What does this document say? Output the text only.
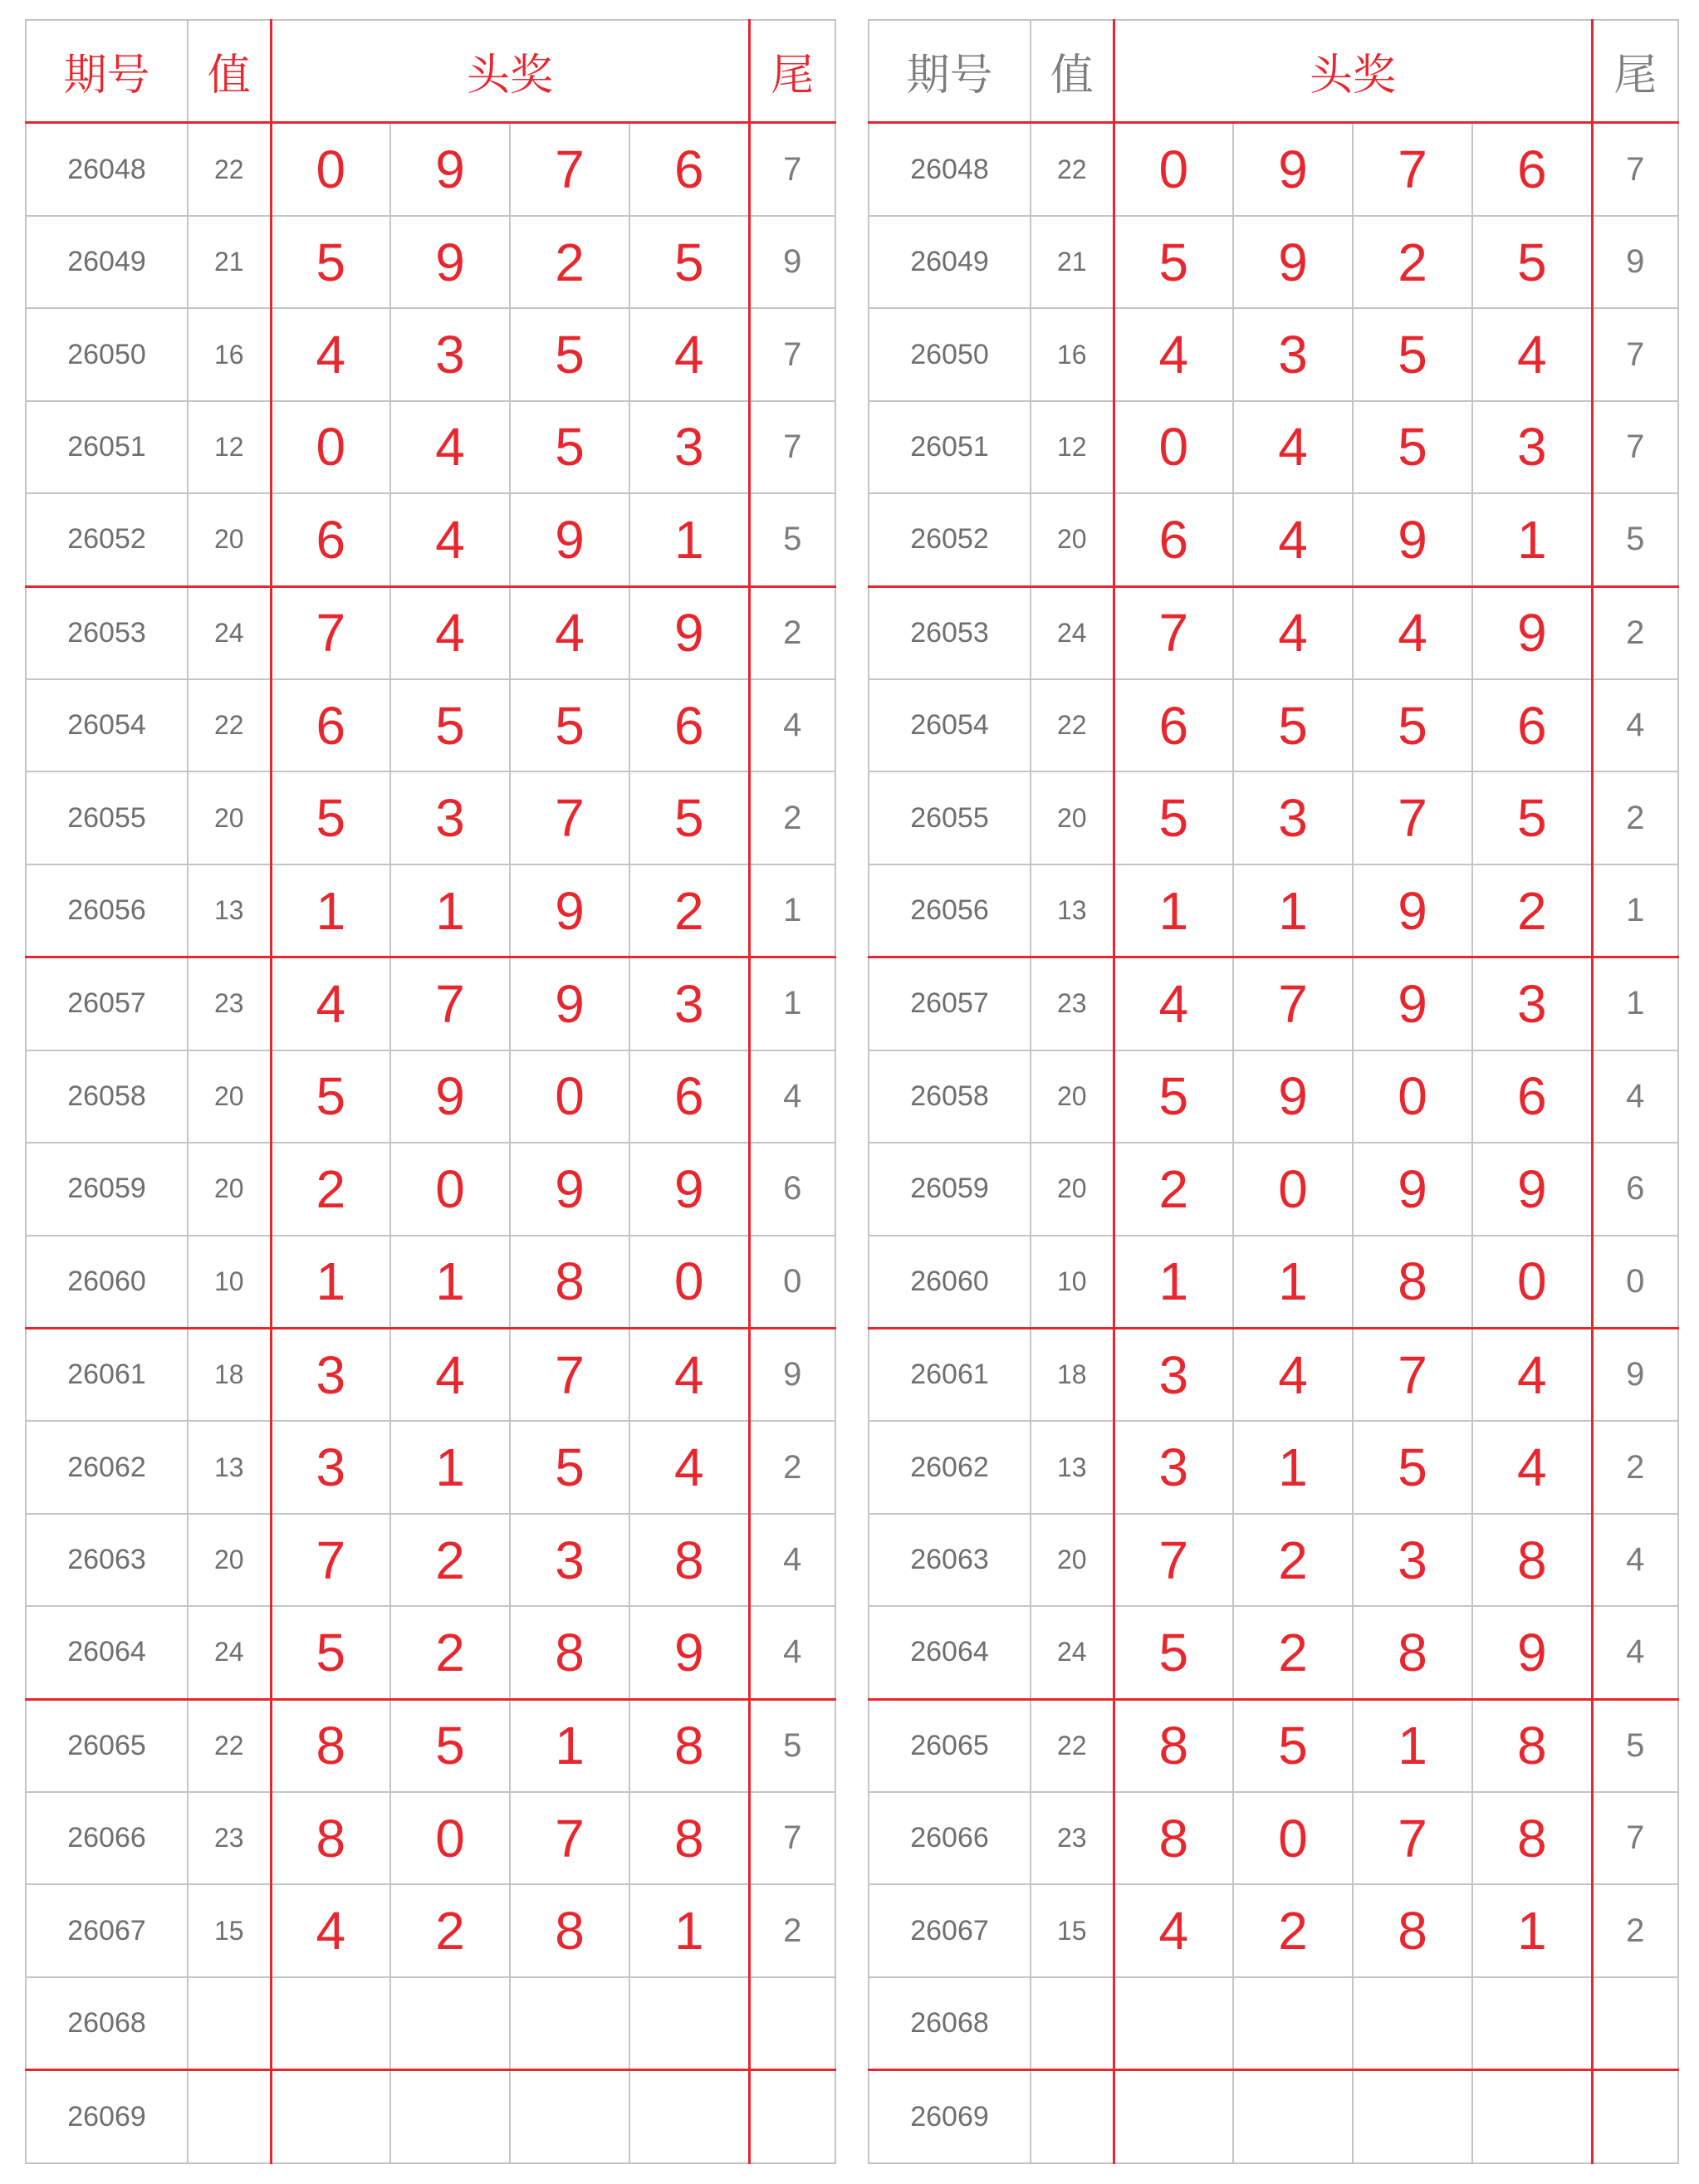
期号	值	头奖				尾
26048	22	0	9	7	6	7
26049	21	5	9	2	5	9
26050	16	4	3	5	4	7
26051	12	0	4	5	3	7
26052	20	6	4	9	1	5
26053	24	7	4	4	9	2
26054	22	6	5	5	6	4
26055	20	5	3	7	5	2
26056	13	1	1	9	2	1
26057	23	4	7	9	3	1
26058	20	5	9	0	6	4
26059	20	2	0	9	9	6
26060	10	1	1	8	0	0
26061	18	3	4	7	4	9
26062	13	3	1	5	4	2
26063	20	7	2	3	8	4
26064	24	5	2	8	9	4
26065	22	8	5	1	8	5
26066	23	8	0	7	8	7
26067	15	4	2	8	1	2
26068						
26069						
期号	值	头奖				尾
26048	22	0	9	7	6	7
26049	21	5	9	2	5	9
26050	16	4	3	5	4	7
26051	12	0	4	5	3	7
26052	20	6	4	9	1	5
26053	24	7	4	4	9	2
26054	22	6	5	5	6	4
26055	20	5	3	7	5	2
26056	13	1	1	9	2	1
26057	23	4	7	9	3	1
26058	20	5	9	0	6	4
26059	20	2	0	9	9	6
26060	10	1	1	8	0	0
26061	18	3	4	7	4	9
26062	13	3	1	5	4	2
26063	20	7	2	3	8	4
26064	24	5	2	8	9	4
26065	22	8	5	1	8	5
26066	23	8	0	7	8	7
26067	15	4	2	8	1	2
26068						
26069						
